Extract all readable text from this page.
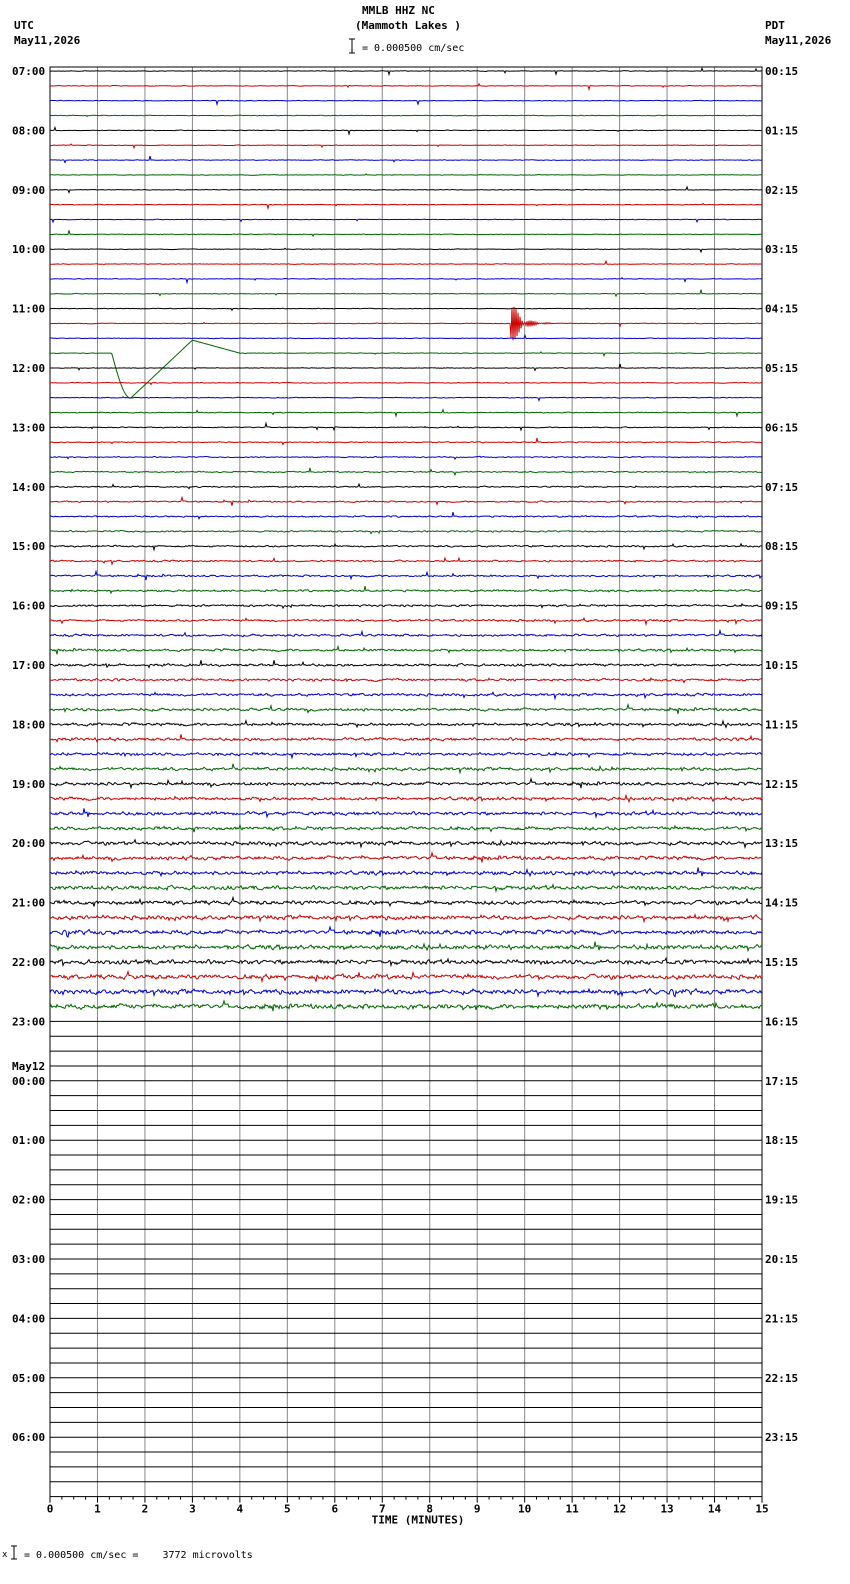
UTC
May11,2026
MMLB HHZ NC
(Mammoth Lakes )	PDT
May11,2026
= 0.000500 cm/sec
x = 0.000500 cm/sec =    3772 microvolts
07:00
08:00
09:00
10:00
11:00
12:00
13:00
14:00
15:00
16:00
17:00
18:00
19:00
20:00
21:00
22:00
23:00
00:00
01:00
02:00
03:00
04:00
05:00
06:00
May12
00:15
01:15
02:15
03:15
04:15
05:15
06:15
07:15
08:15
09:15
10:15
11:15
12:15
13:15
14:15
15:15
16:15
17:15
18:15
19:15
20:15
21:15
22:15
23:15
0	1	2	3	4	5	6	7	8	9	10	11	12	13	14	15
TIME (MINUTES)
